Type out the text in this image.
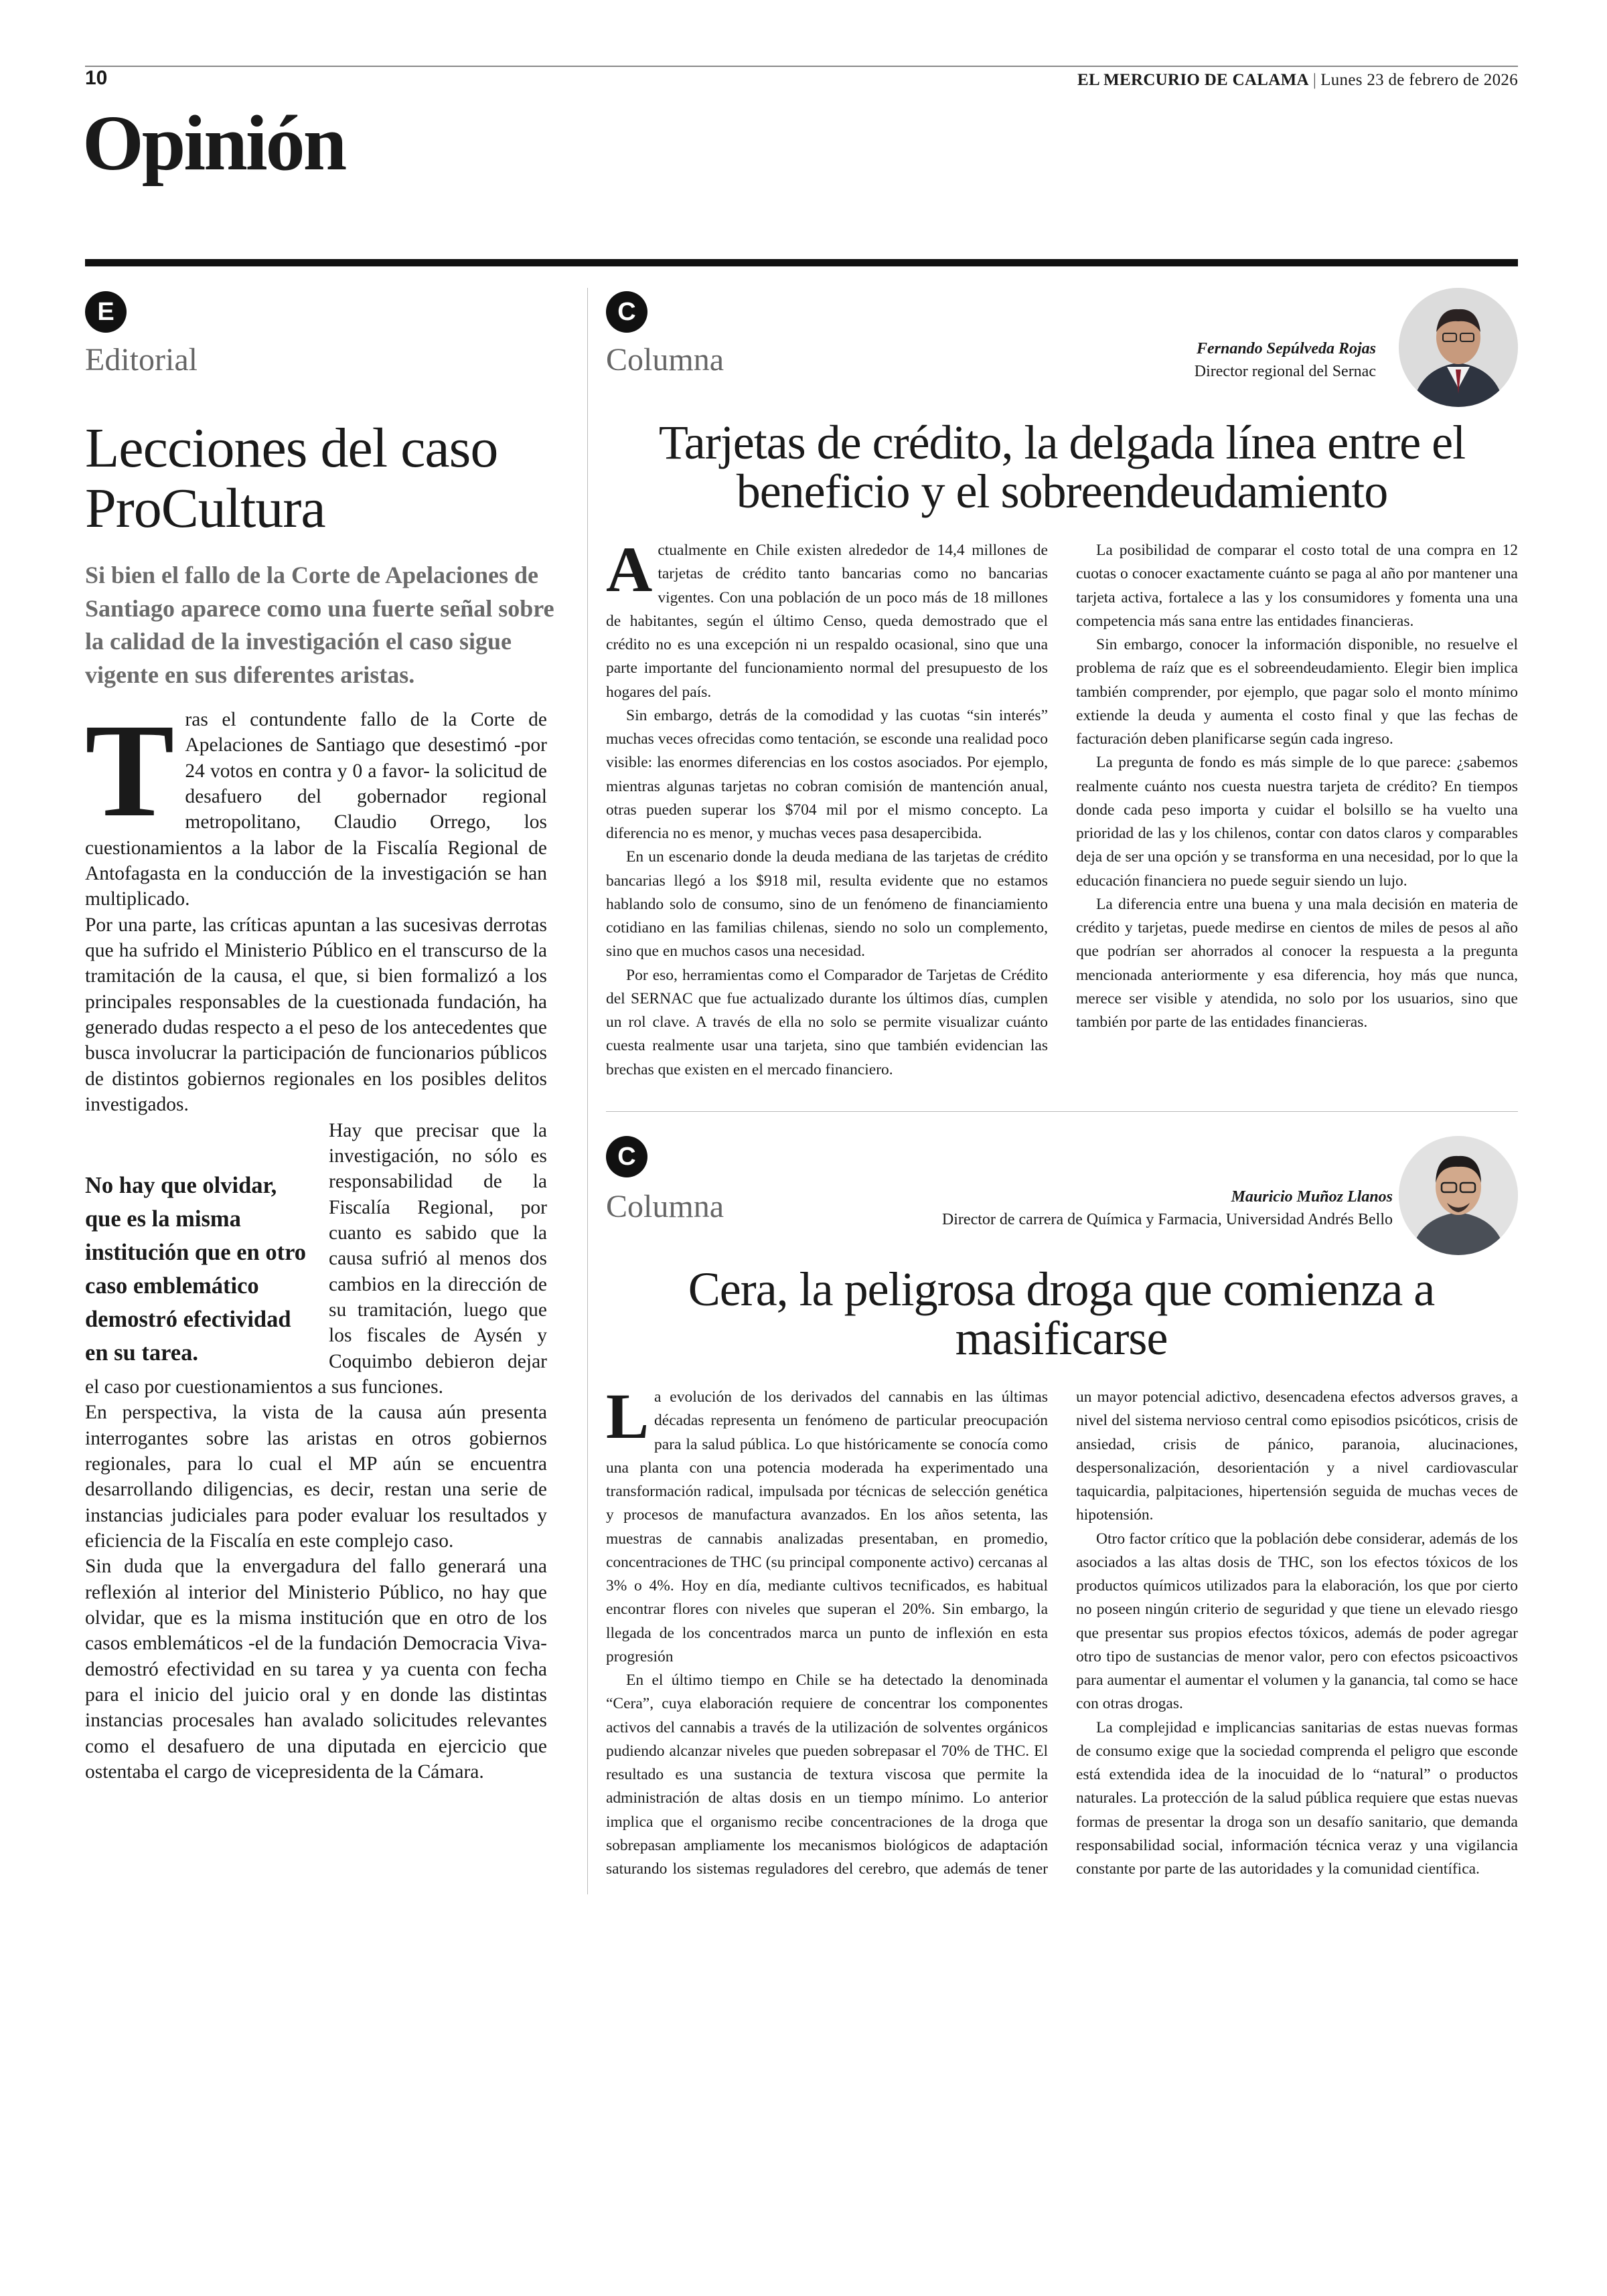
10	EL MERCURIO DE CALAMA | Lunes 23 de febrero de 2026
Opinión
E
Editorial
Lecciones del caso ProCultura

Si bien el fallo de la Corte de Apelaciones de Santiago aparece como una fuerte señal sobre la calidad de la investigación el caso sigue vigente en sus diferentes aristas.

T ras el contundente fallo de la Corte de Apelaciones de Santiago que desestimó -por 24 votos en contra y 0 a favor- la solicitud de desafuero del gobernador regional metropolitano, Claudio Orrego, los cuestionamientos a la labor de la Fiscalía Regional de Antofagasta en la conducción de la investigación se han multiplicado.

Por una parte, las críticas apuntan a las sucesivas derrotas que ha sufrido el Ministerio Público en el transcurso de la tramitación de la causa, el que, si bien formalizó a los principales responsables de la cuestionada fundación, ha generado dudas respecto a el peso de los antecedentes que busca involucrar la participación de funcionarios públicos de distintos gobiernos regionales en los posibles delitos investigados.

No hay que olvidar, que es la misma institución que en otro caso emblemático demostró efectividad en su tarea.

Hay que precisar que la investigación, no sólo es responsabilidad de la Fiscalía Regional, por cuanto es sabido que la causa sufrió al menos dos cambios en la dirección de su tramitación, luego que los fiscales de Aysén y Coquimbo debieron dejar el caso por cuestionamientos a sus funciones.

En perspectiva, la vista de la causa aún presenta interrogantes sobre las aristas en otros gobiernos regionales, para lo cual el MP aún se encuentra desarrollando diligencias, es decir, restan una serie de instancias judiciales para poder evaluar los resultados y eficiencia de la Fiscalía en este complejo caso.

Sin duda que la envergadura del fallo generará una reflexión al interior del Ministerio Público, no hay que olvidar, que es la misma institución que en otro de los casos emblemáticos -el de la fundación Democracia Viva- demostró efectividad en su tarea y ya cuenta con fecha para el inicio del juicio oral y en donde las distintas instancias procesales han avalado solicitudes relevantes como el desafuero de una diputada en ejercicio que ostentaba el cargo de vicepresidenta de la Cámara.

C
Columna	Fernando Sepúlveda Rojas
Director regional del Sernac
Tarjetas de crédito, la delgada línea entre el beneficio y el sobreendeudamiento
A ctualmente en Chile existen alrededor de 14,4 millones de tarjetas de crédito tanto bancarias como no bancarias vigentes. Con una población de un poco más de 18 millones de habitantes, según el último Censo, queda demostrado que el crédito no es una excepción ni un respaldo ocasional, sino que una parte importante del funcionamiento normal del presupuesto de los hogares del país.

Sin embargo, detrás de la comodidad y las cuotas “sin interés” muchas veces ofrecidas como tentación, se esconde una realidad poco visible: las enormes diferencias en los costos asociados. Por ejemplo, mientras algunas tarjetas no cobran comisión de mantención anual, otras pueden superar los $704 mil por el mismo concepto. La diferencia no es menor, y muchas veces pasa desapercibida.

En un escenario donde la deuda mediana de las tarjetas de crédito bancarias llegó a los $918 mil, resulta evidente que no estamos hablando solo de consumo, sino de un fenómeno de financiamiento cotidiano en las familias chilenas, siendo no solo un complemento, sino que en muchos casos una necesidad.

Por eso, herramientas como el Comparador de Tarjetas de Crédito del SERNAC que fue actualizado durante los últimos días, cumplen un rol clave. A través de ella no solo se permite visualizar cuánto cuesta realmente usar una tarjeta, sino que también evidencian las brechas que existen en el mercado financiero.

La posibilidad de comparar el costo total de una compra en 12 cuotas o conocer exactamente cuánto se paga al año por mantener una tarjeta activa, fortalece a las y los consumidores y fomenta una una competencia más sana entre las entidades financieras.

Sin embargo, conocer la información disponible, no resuelve el problema de raíz que es el sobreendeudamiento. Elegir bien implica también comprender, por ejemplo, que pagar solo el monto mínimo extiende la deuda y aumenta el costo final y que las fechas de facturación deben planificarse según cada ingreso.

La pregunta de fondo es más simple de lo que parece: ¿sabemos realmente cuánto nos cuesta nuestra tarjeta de crédito? En tiempos donde cada peso importa y cuidar el bolsillo se ha vuelto una prioridad de las y los chilenos, contar con datos claros y comparables deja de ser una opción y se transforma en una necesidad, por lo que la educación financiera no puede seguir siendo un lujo.

La diferencia entre una buena y una mala decisión en materia de crédito y tarjetas, puede medirse en cientos de miles de pesos al año que podrían ser ahorrados al conocer la respuesta a la pregunta mencionada anteriormente y esa diferencia, hoy más que nunca, merece ser visible y atendida, no solo por los usuarios, sino que también por parte de las entidades financieras.

C
Columna	Mauricio Muñoz Llanos
Director de carrera de Química y Farmacia, Universidad Andrés Bello
Cera, la peligrosa droga que comienza a masificarse
L a evolución de los derivados del cannabis en las últimas décadas representa un fenómeno de particular preocupación para la salud pública. Lo que históricamente se conocía como una planta con una potencia moderada ha experimentado una transformación radical, impulsada por técnicas de selección genética y procesos de manufactura avanzados. En los años setenta, las muestras de cannabis analizadas presentaban, en promedio, concentraciones de THC (su principal componente activo) cercanas al 3% o 4%. Hoy en día, mediante cultivos tecnificados, es habitual encontrar flores con niveles que superan el 20%. Sin embargo, la llegada de los concentrados marca un punto de inflexión en esta progresión

En el último tiempo en Chile se ha detectado la denominada “Cera”, cuya elaboración requiere de concentrar los componentes activos del cannabis a través de la utilización de solventes orgánicos pudiendo alcanzar niveles que pueden sobrepasar el 70% de THC. El resultado es una sustancia de textura viscosa que permite la administración de altas dosis en un tiempo mínimo. Lo anterior implica que el organismo recibe concentraciones de la droga que sobrepasan ampliamente los mecanismos biológicos de adaptación saturando los sistemas reguladores del cerebro, que además de tener un mayor potencial adictivo, desencadena efectos adversos graves, a nivel del sistema nervioso central como episodios psicóticos, crisis de ansiedad, crisis de pánico, paranoia, alucinaciones, despersonalización, desorientación y a nivel cardiovascular taquicardia, palpitaciones, hipertensión seguida de muchas veces de hipotensión.

Otro factor crítico que la población debe considerar, además de los asociados a las altas dosis de THC, son los efectos tóxicos de los productos químicos utilizados para la elaboración, los que por cierto no poseen ningún criterio de seguridad y que tiene un elevado riesgo que presentar sus propios efectos tóxicos, además de poder agregar otro tipo de sustancias de menor valor, pero con efectos psicoactivos para aumentar el aumentar el volumen y la ganancia, tal como se hace con otras drogas.

La complejidad e implicancias sanitarias de estas nuevas formas de consumo exige que la sociedad comprenda el peligro que esconde está extendida idea de la inocuidad de lo “natural” o productos naturales. La protección de la salud pública requiere que estas nuevas formas de presentar la droga son un desafío sanitario, que demanda responsabilidad social, información técnica veraz y una vigilancia constante por parte de las autoridades y la comunidad científica.
